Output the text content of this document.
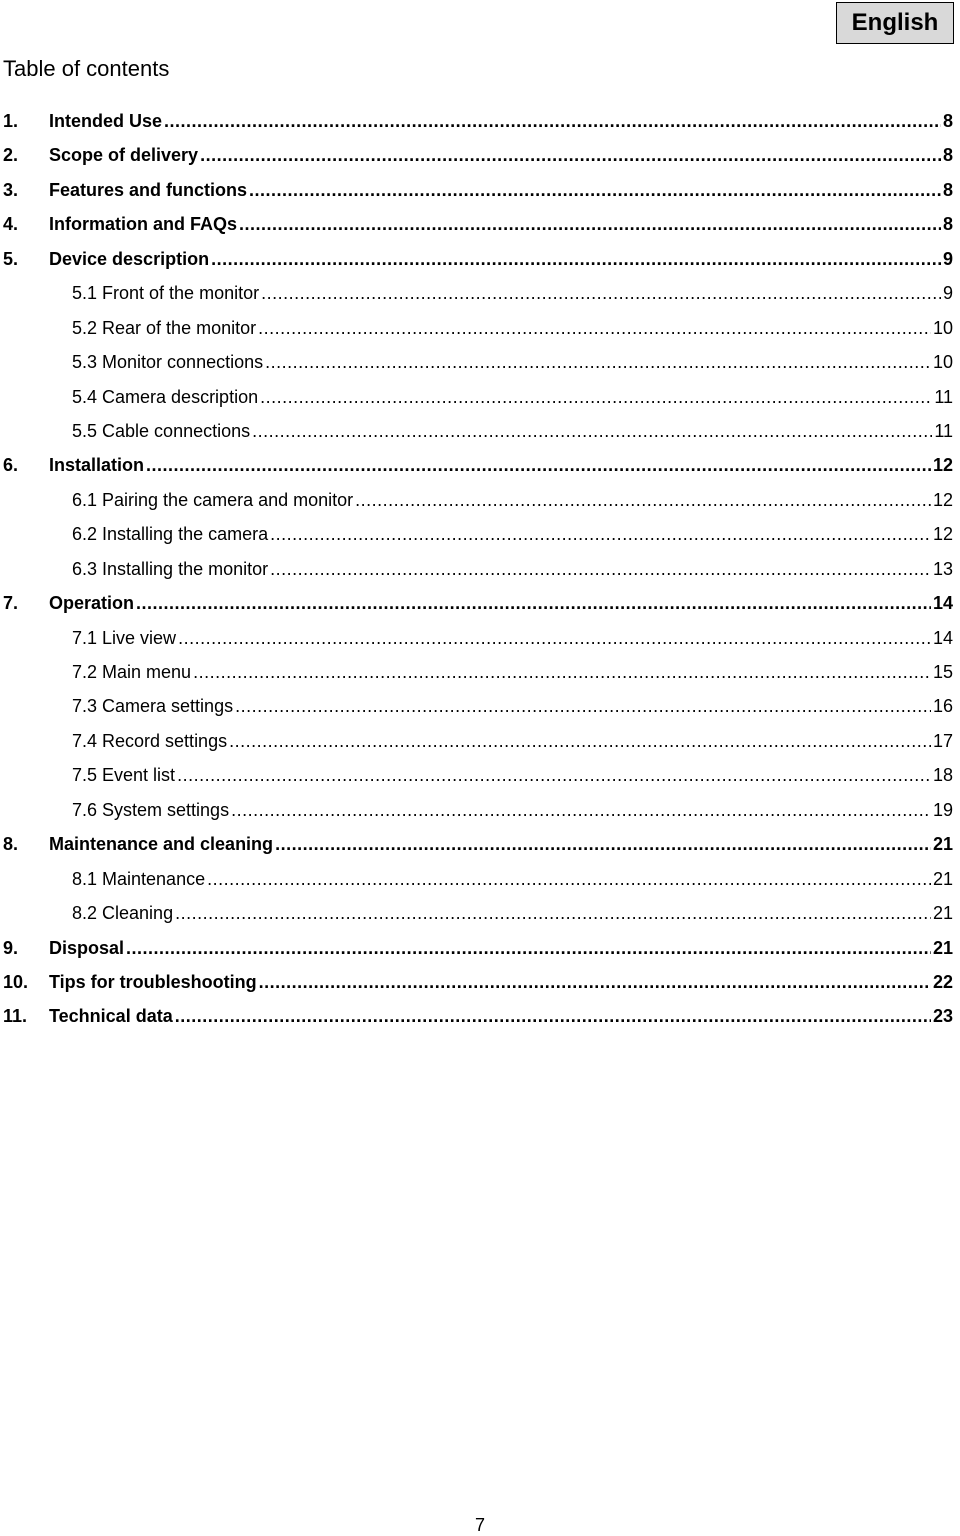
English
Table of contents
1. Intended Use .....	8
2. Scope of delivery .....	8
3. Features and functions .....	8
4. Information and FAQs .....	8
5. Device description .....	9
5.1 Front of the monitor .....	9
5.2 Rear of the monitor .....	10
5.3 Monitor connections .....	10
5.4 Camera description .....	11
5.5 Cable connections .....	11
6. Installation .....	12
6.1 Pairing the camera and monitor .....	12
6.2 Installing the camera .....	12
6.3 Installing the monitor .....	13
7. Operation .....	14
7.1 Live view .....	14
7.2 Main menu .....	15
7.3 Camera settings .....	16
7.4 Record settings .....	17
7.5 Event list .....	18
7.6 System settings .....	19
8. Maintenance and cleaning .....	21
8.1 Maintenance .....	21
8.2 Cleaning .....	21
9. Disposal .....	21
10. Tips for troubleshooting .....	22
11. Technical data .....	23
7
